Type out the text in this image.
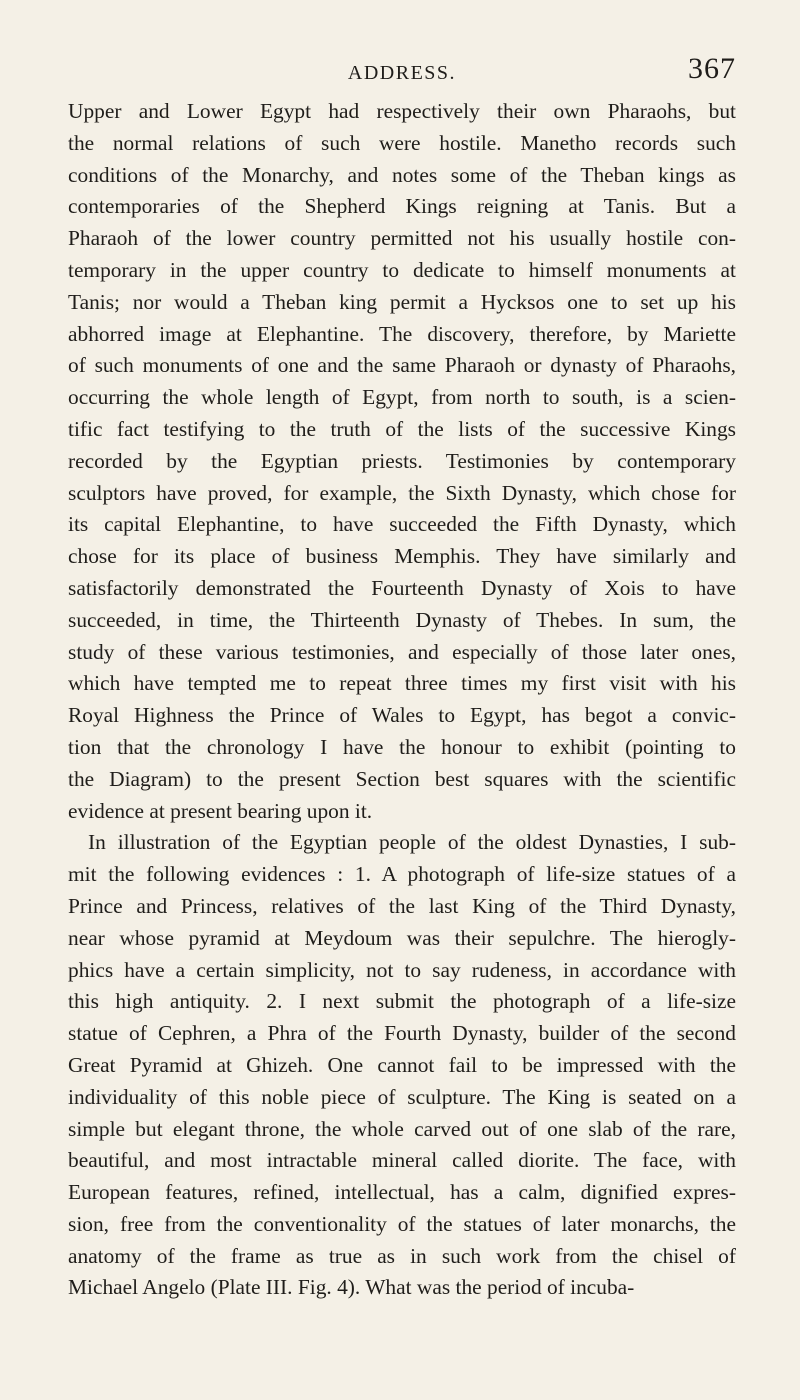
ADDRESS.	367
Upper and Lower Egypt had respectively their own Pharaohs, but
the normal relations of such were hostile. Manetho records such
conditions of the Monarchy, and notes some of the Theban kings as
contemporaries of the Shepherd Kings reigning at Tanis. But a
Pharaoh of the lower country permitted not his usually hostile con-
temporary in the upper country to dedicate to himself monuments at
Tanis; nor would a Theban king permit a Hycksos one to set up his
abhorred image at Elephantine. The discovery, therefore, by Mariette
of such monuments of one and the same Pharaoh or dynasty of Pharaohs,
occurring the whole length of Egypt, from north to south, is a scien-
tific fact testifying to the truth of the lists of the successive Kings
recorded by the Egyptian priests. Testimonies by contemporary
sculptors have proved, for example, the Sixth Dynasty, which chose for
its capital Elephantine, to have succeeded the Fifth Dynasty, which
chose for its place of business Memphis. They have similarly and
satisfactorily demonstrated the Fourteenth Dynasty of Xois to have
succeeded, in time, the Thirteenth Dynasty of Thebes. In sum, the
study of these various testimonies, and especially of those later ones,
which have tempted me to repeat three times my first visit with his
Royal Highness the Prince of Wales to Egypt, has begot a convic-
tion that the chronology I have the honour to exhibit (pointing to
the Diagram) to the present Section best squares with the scientific
evidence at present bearing upon it.
In illustration of the Egyptian people of the oldest Dynasties, I sub-
mit the following evidences : 1. A photograph of life-size statues of a
Prince and Princess, relatives of the last King of the Third Dynasty,
near whose pyramid at Meydoum was their sepulchre. The hierogly-
phics have a certain simplicity, not to say rudeness, in accordance with
this high antiquity. 2. I next submit the photograph of a life-size
statue of Cephren, a Phra of the Fourth Dynasty, builder of the second
Great Pyramid at Ghizeh. One cannot fail to be impressed with the
individuality of this noble piece of sculpture. The King is seated on a
simple but elegant throne, the whole carved out of one slab of the rare,
beautiful, and most intractable mineral called diorite. The face, with
European features, refined, intellectual, has a calm, dignified expres-
sion, free from the conventionality of the statues of later monarchs, the
anatomy of the frame as true as in such work from the chisel of
Michael Angelo (Plate III. Fig. 4). What was the period of incuba-
